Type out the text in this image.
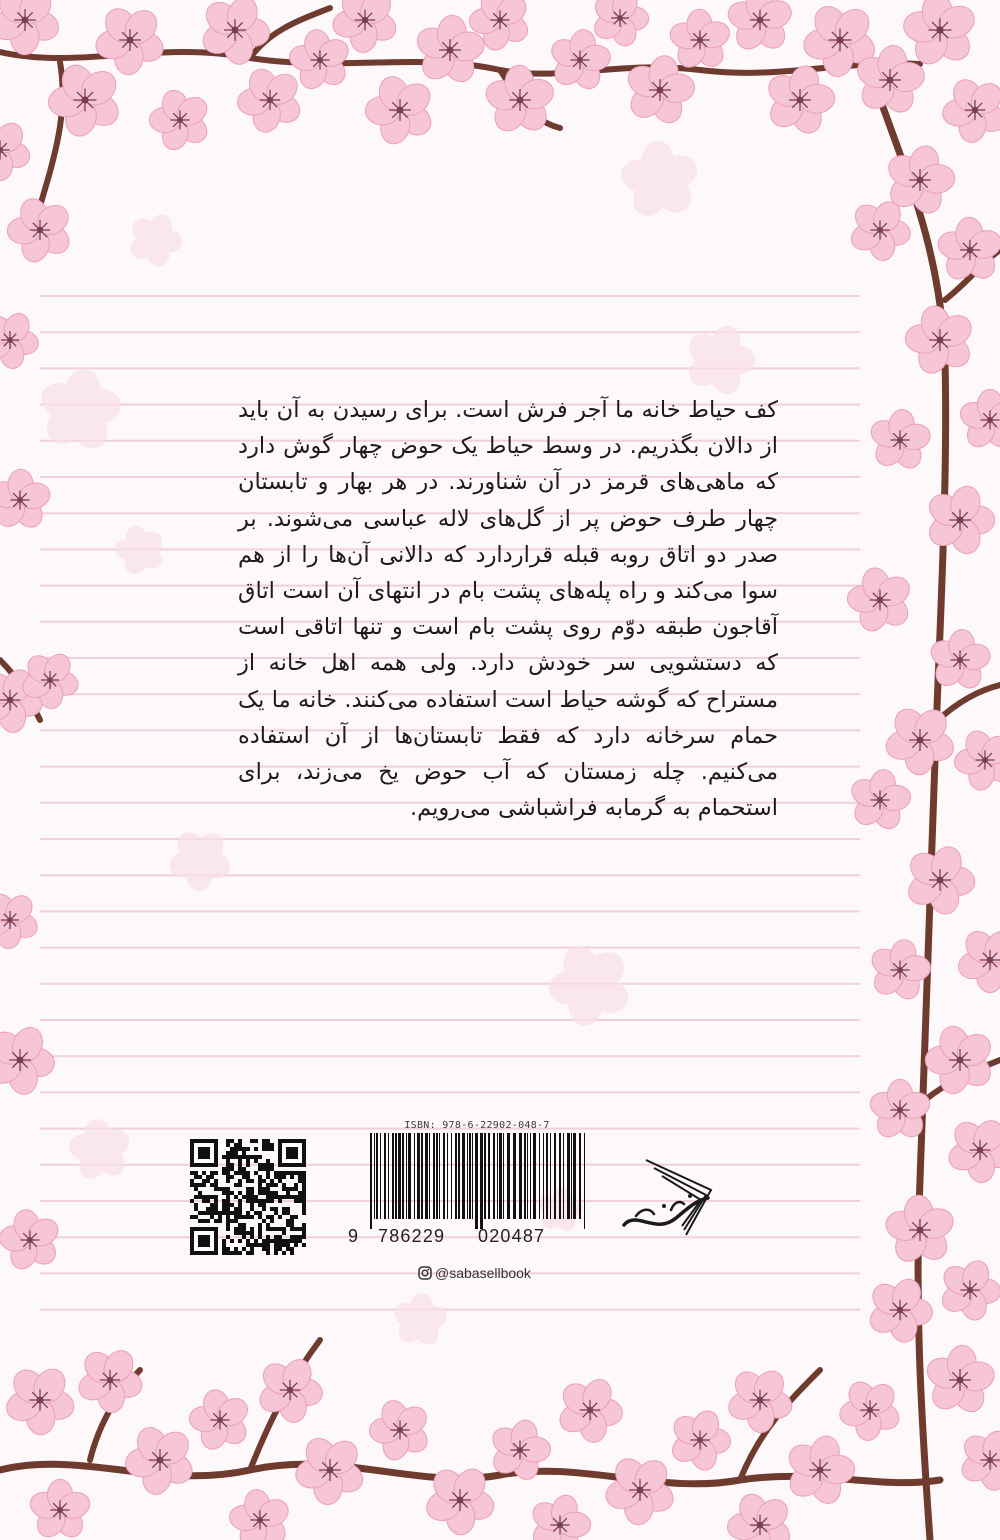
کف حیاط خانه ما آجر فرش است. برای رسیدن به آن باید از دالان بگذریم. در وسط حیاط یک حوض چهار گوش دارد که ماهی‌های قرمز در آن شناورند. در هر بهار و تابستان چهار طرف حوض پر از گل‌های لاله عباسی می‌شوند. بر صدر دو اتاق روبه قبله قراردارد که دالانی آن‌ها را از هم سوا می‌کند و راه پله‌های پشت بام در انتهای آن است اتاق آقاجون طبقه دوّم روی پشت بام است و تنها اتاقی است که دستشویی سر خودش دارد. ولی همه اهل خانه از مستراح که گوشه حیاط است استفاده می‌کنند. خانه ما یک حمام سرخانه دارد که فقط تابستان‌ها از آن استفاده می‌کنیم. چله زمستان که آب حوض یخ می‌زند، برای استحمام به گرمابه فراشباشی می‌رویم.
ISBN: 978-6-22902-048-7
9 786229 020487
@sabasellbook
